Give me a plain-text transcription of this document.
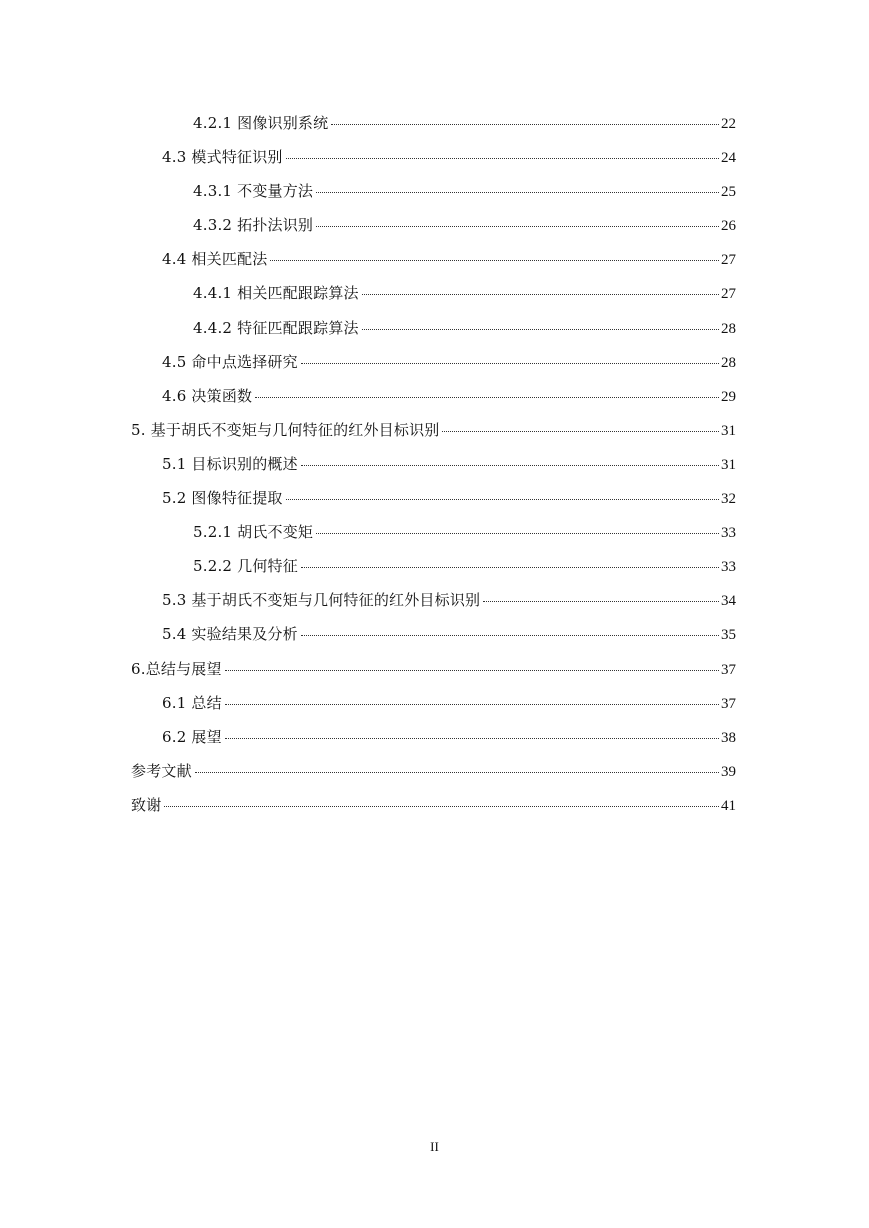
4.2.1 图像识别系统	22
4.3 模式特征识别	24
4.3.1 不变量方法	25
4.3.2 拓扑法识别	26
4.4 相关匹配法	27
4.4.1 相关匹配跟踪算法	27
4.4.2 特征匹配跟踪算法	28
4.5 命中点选择研究	28
4.6 决策函数	29
5. 基于胡氏不变矩与几何特征的红外目标识别	31
5.1 目标识别的概述	31
5.2 图像特征提取	32
5.2.1 胡氏不变矩	33
5.2.2 几何特征	33
5.3 基于胡氏不变矩与几何特征的红外目标识别	34
5.4 实验结果及分析	35
6.总结与展望	37
6.1 总结	37
6.2 展望	38
参考文献	39
致谢	41
II
